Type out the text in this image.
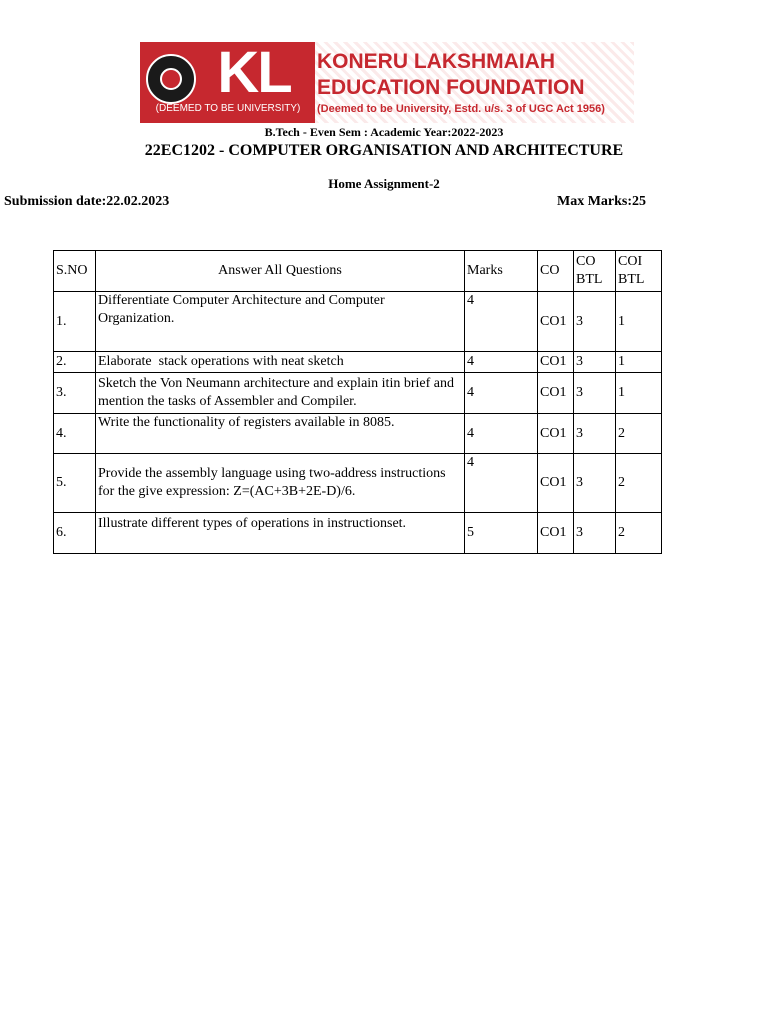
KL
(DEEMED TO BE UNIVERSITY)
KONERU LAKSHMAIAH
EDUCATION FOUNDATION
(Deemed to be University, Estd. u/s. 3 of UGC Act 1956)
B.Tech - Even Sem : Academic Year:2022-2023
22EC1202 - COMPUTER ORGANISATION AND ARCHITECTURE
Home Assignment-2
Submission date:22.02.2023	Max Marks:25
S.NO	Answer All Questions	Marks	CO	CO BTL	COI BTL
1.	Differentiate Computer Architecture and Computer Organization.	4	CO1	3	1
2.	Elaborate  stack operations with neat sketch	4	CO1	3	1
3.	Sketch the Von Neumann architecture and explain itin brief and mention the tasks of Assembler and Compiler.	4	CO1	3	1
4.	Write the functionality of registers available in 8085.	4	CO1	3	2
5.	Provide the assembly language using two-address instructions for the give expression: Z=(AC+3B+2E-D)/6.	4	CO1	3	2
6.	Illustrate different types of operations in instructionset.	5	CO1	3	2
